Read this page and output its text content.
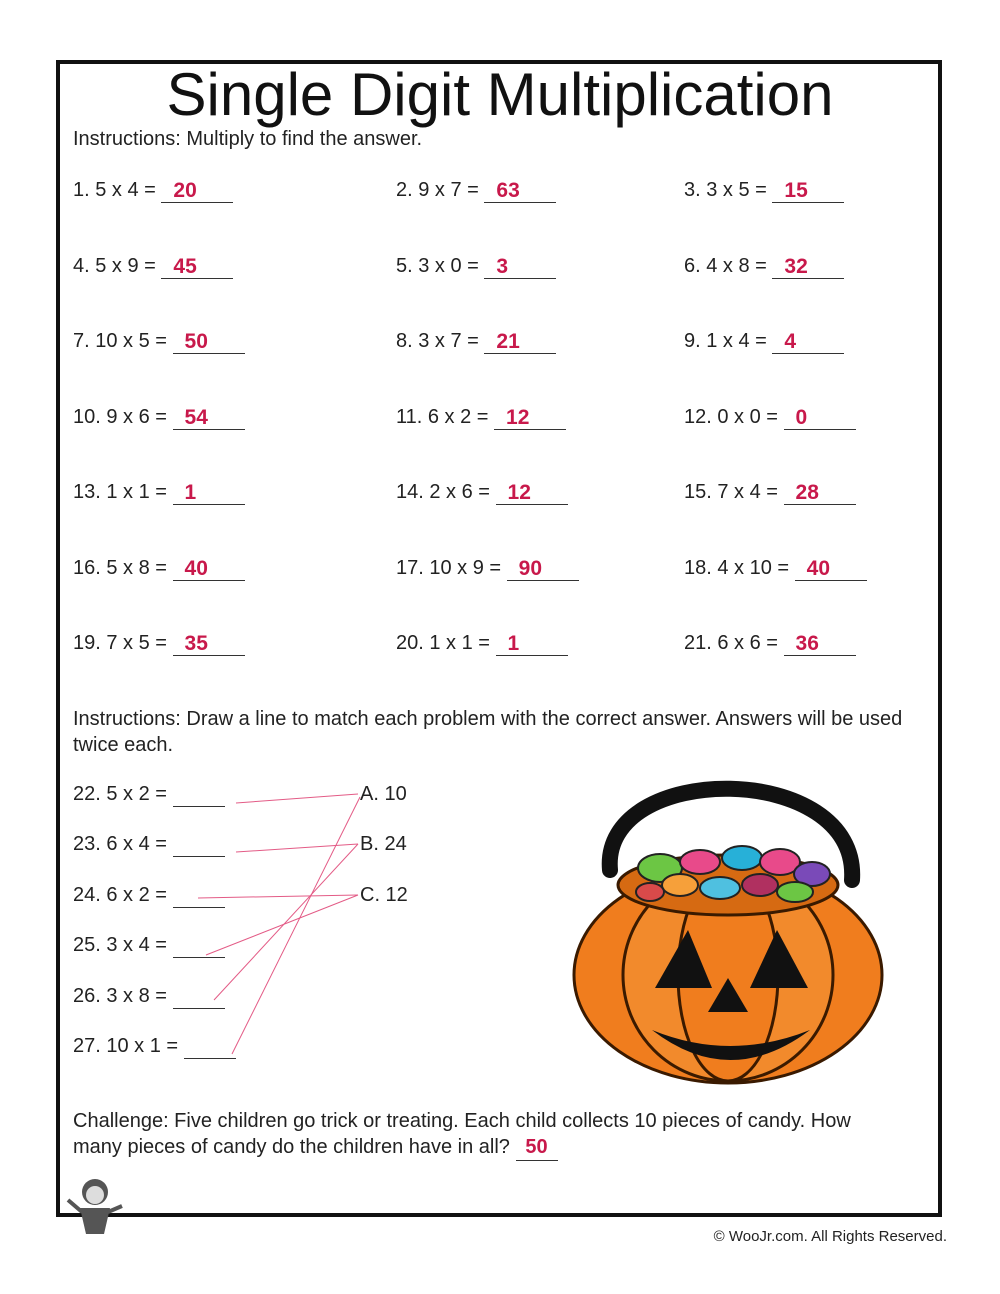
Single Digit Multiplication
Instructions: Multiply to find the answer.
1. 5 x 4 = 20	2. 9 x 7 = 63	3. 3 x 5 = 15
4. 5 x 9 = 45	5. 3 x 0 = 3	6. 4 x 8 = 32
7. 10 x 5 = 50	8. 3 x 7 = 21	9. 1 x 4 = 4
10. 9 x 6 = 54	11. 6 x 2 = 12	12. 0 x 0 = 0
13. 1 x 1 = 1	14. 2 x 6 = 12	15. 7 x 4 = 28
16. 5 x 8 = 40	17. 10 x 9 = 90	18. 4 x 10 = 40
19. 7 x 5 = 35	20. 1 x 1 = 1	21. 6 x 6 = 36
Instructions: Draw a line to match each problem with the correct answer. Answers will be used twice each.
22. 5 x 2 =
23. 6 x 4 =
24. 6 x 2 =
25. 3 x 4 =
26. 3 x 8 =
27. 10 x 1 =
A. 10
B. 24
C. 12
Challenge: Five children go trick or treating. Each child collects 10 pieces of candy. How many pieces of candy do the children have in all? 50
© WooJr.com. All Rights Reserved.
